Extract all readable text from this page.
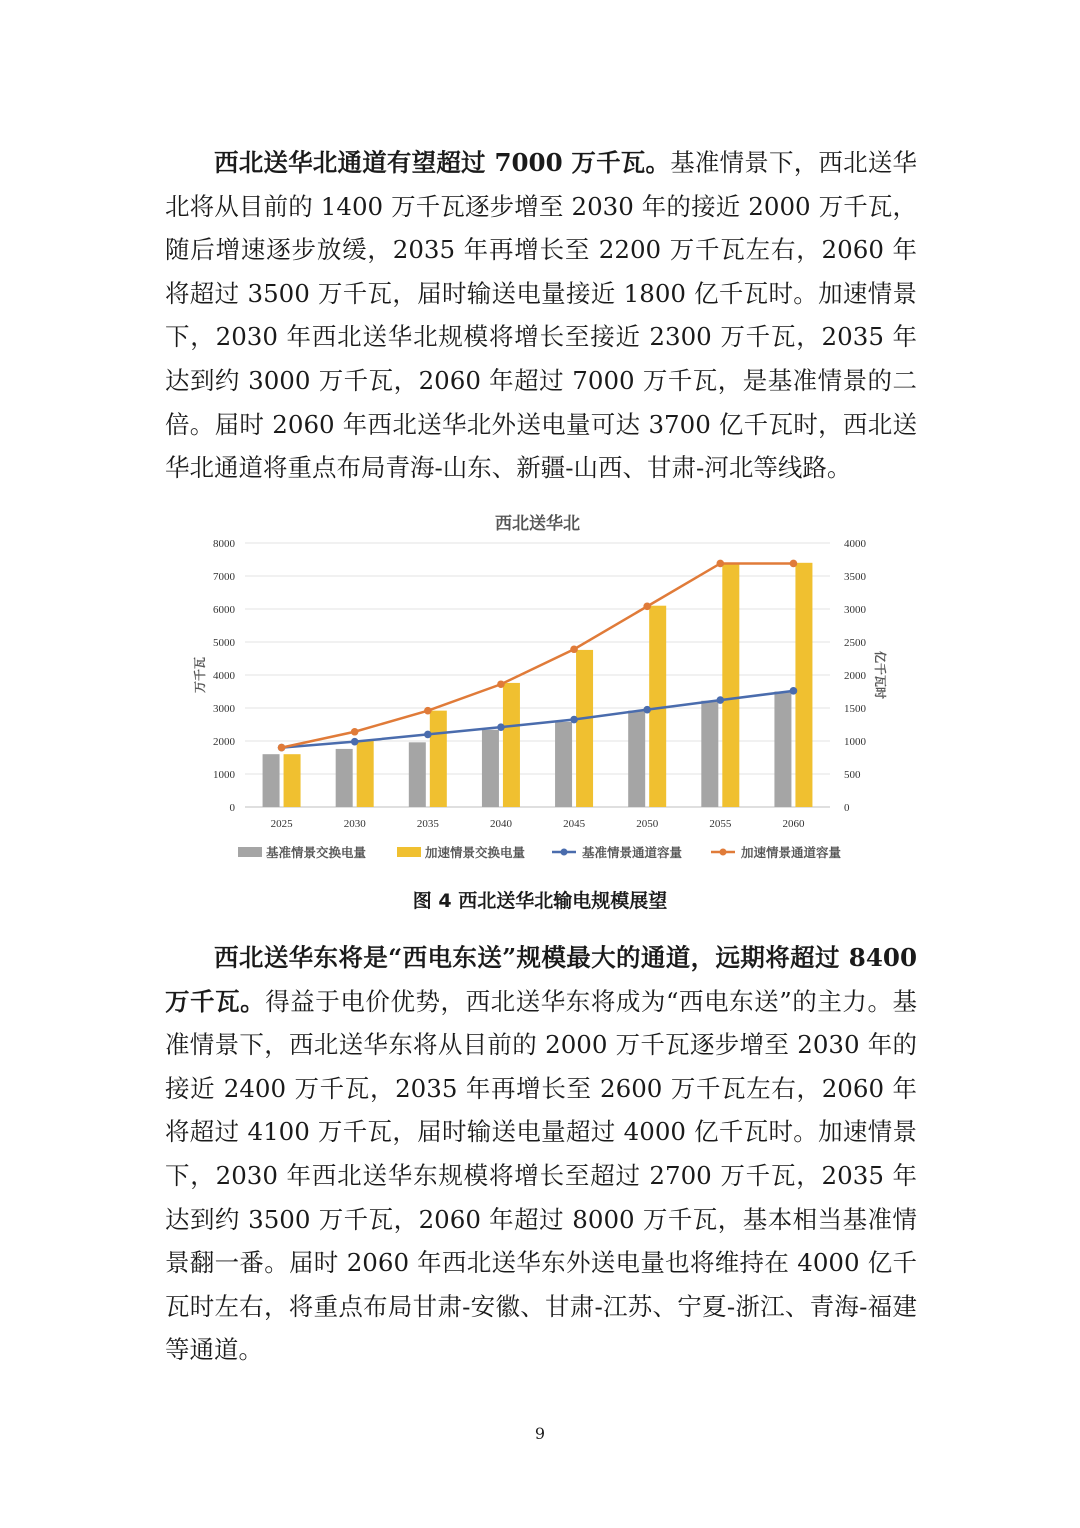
西北送华北通道有望超过 7000 万千瓦。基准情景下，西北送华北将从目前的 1400 万千瓦逐步增至 2030 年的接近 2000 万千瓦，随后增速逐步放缓，2035 年再增长至 2200 万千瓦左右，2060 年将超过 3500 万千瓦，届时输送电量接近 1800 亿千瓦时。加速情景下，2030 年西北送华北规模将增长至接近 2300 万千瓦，2035 年达到约 3000 万千瓦，2060 年超过 7000 万千瓦，是基准情景的二倍。届时 2060 年西北送华北外送电量可达 3700 亿千瓦时，西北送华北通道将重点布局青海-山东、新疆-山西、甘肃-河北等线路。

西北送华北
0
1000
2000
3000
4000
5000
6000
7000
8000
0
500
1000
1500
2000
2500
3000
3500
4000
万千瓦	亿千瓦时
2025	2030	2035	2040	2045	2050	2055	2060
基准情景交换电量	加速情景交换电量	基准情景通道容量	加速情景通道容量
图 4 西北送华北输电规模展望

西北送华东将是“西电东送”规模最大的通道，远期将超过 8400 万千瓦。得益于电价优势，西北送华东将成为“西电东送”的主力。基准情景下，西北送华东将从目前的 2000 万千瓦逐步增至 2030 年的接近 2400 万千瓦，2035 年再增长至 2600 万千瓦左右，2060 年将超过 4100 万千瓦，届时输送电量超过 4000 亿千瓦时。加速情景下，2030 年西北送华东规模将增长至超过 2700 万千瓦，2035 年达到约 3500 万千瓦，2060 年超过 8000 万千瓦，基本相当基准情景翻一番。届时 2060 年西北送华东外送电量也将维持在 4000 亿千瓦时左右，将重点布局甘肃-安徽、甘肃-江苏、宁夏-浙江、青海-福建等通道。

9
